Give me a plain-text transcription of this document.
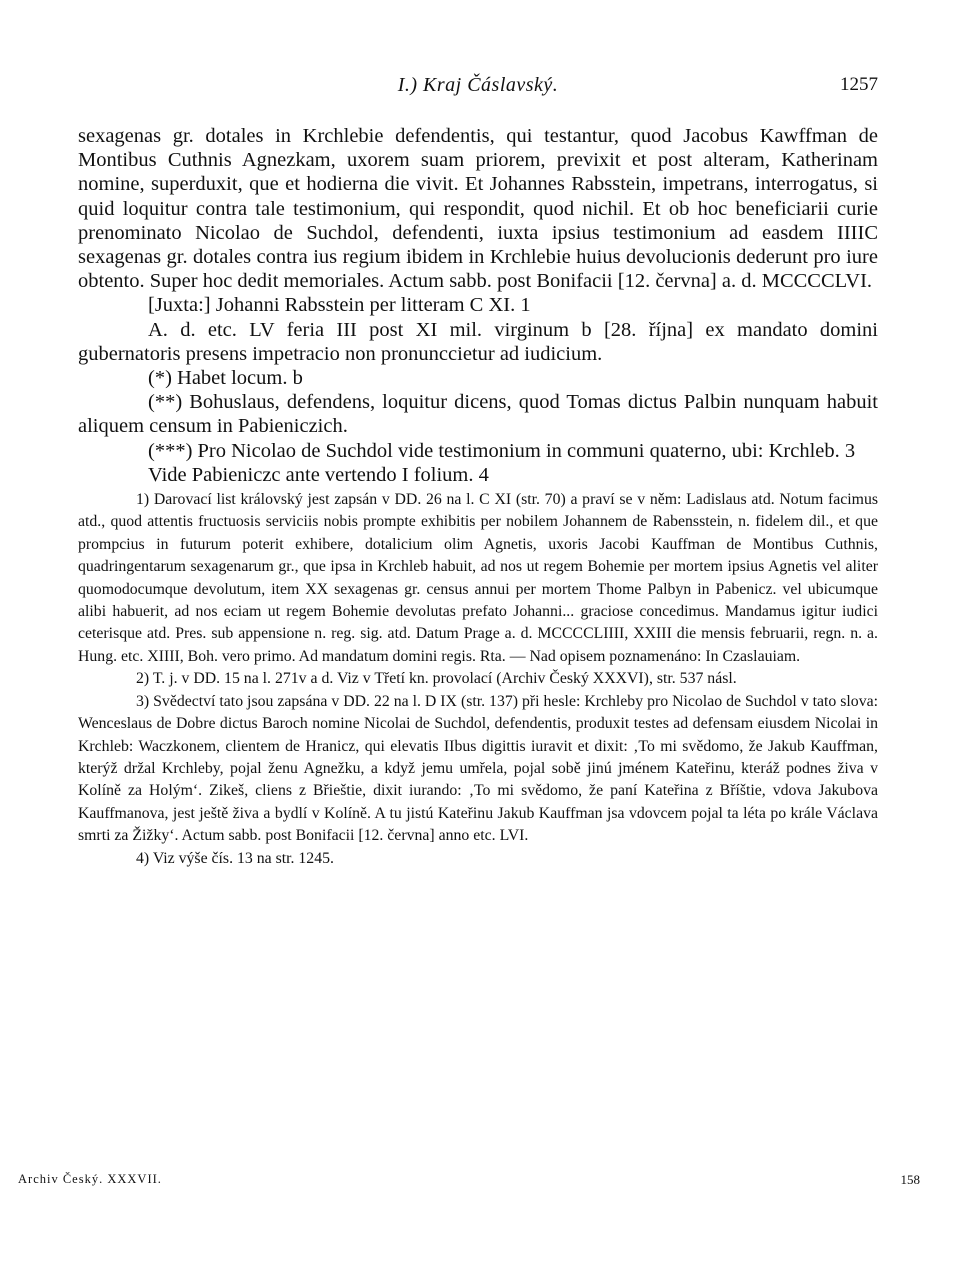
I.) Kraj Čáslavský.	1257

sexagenas gr. dotales in Krchlebie defendentis, qui testantur, quod Jacobus Kawffman de Montibus Cuthnis Agnezkam, uxorem suam priorem, previxit et post alteram, Katherinam nomine, superduxit, que et hodierna die vivit. Et Johannes Rabsstein, impetrans, interrogatus, si quid loquitur contra tale testimonium, qui respondit, quod nichil. Et ob hoc beneficiarii curie prenominato Nicolao de Suchdol, defendenti, iuxta ipsius testimonium ad easdem IIIIC sexagenas gr. dotales contra ius regium ibidem in Krchlebie huius devolucionis dederunt pro iure obtento. Super hoc dedit memoriales. Actum sabb. post Bonifacii [12. června] a. d. MCCCCLVI.

[Juxta:] Johanni Rabsstein per litteram C XI. 1

A. d. etc. LV feria III post XI mil. virginum b [28. října] ex mandato domini gubernatoris presens impetracio non pronunccietur ad iudicium.

(*) Habet locum. b

(**) Bohuslaus, defendens, loquitur dicens, quod Tomas dictus Palbin nunquam habuit aliquem censum in Pabieniczich.

(***) Pro Nicolao de Suchdol vide testimonium in communi quaterno, ubi: Krchleb. 3

Vide Pabieniczc ante vertendo I folium. 4

1) Darovací list královský jest zapsán v DD. 26 na l. C XI (str. 70) a praví se v něm: Ladislaus atd. Notum facimus atd., quod attentis fructuosis serviciis nobis prompte exhibitis per nobilem Johannem de Rabensstein, n. fidelem dil., et que prompcius in futurum poterit exhibere, dotalicium olim Agnetis, uxoris Jacobi Kauffman de Montibus Cuthnis, quadringentarum sexagenarum gr., que ipsa in Krchleb habuit, ad nos ut regem Bohemie per mortem ipsius Agnetis vel aliter quomodocumque devolutum, item XX sexagenas gr. census annui per mortem Thome Palbyn in Pabenicz. vel ubicumque alibi habuerit, ad nos eciam ut regem Bohemie devolutas prefato Johanni... graciose concedimus. Mandamus igitur iudici ceterisque atd. Pres. sub appensione n. reg. sig. atd. Datum Prage a. d. MCCCCLIIII, XXIII die mensis februarii, regn. n. a. Hung. etc. XIIII, Boh. vero primo. Ad mandatum domini regis. Rta. — Nad opisem poznamenáno: In Czaslauiam.

2) T. j. v DD. 15 na l. 271v a d. Viz v Třetí kn. provolací (Archiv Český XXXVI), str. 537 násl.

3) Svědectví tato jsou zapsána v DD. 22 na l. D IX (str. 137) při hesle: Krchleby pro Nicolao de Suchdol v tato slova: Wenceslaus de Dobre dictus Baroch nomine Nicolai de Suchdol, defendentis, produxit testes ad defensam eiusdem Nicolai in Krchleb: Waczkonem, clientem de Hranicz, qui elevatis IIbus digittis iuravit et dixit: ‚To mi svědomo, že Jakub Kauffman, kterýž držal Krchleby, pojal ženu Agnežku, a když jemu umřela, pojal sobě jinú jménem Kateřinu, kteráž podnes živa v Kolíně za Holým‘. Zikeš, cliens z Břieštie, dixit iurando: ‚To mi svědomo, že paní Kateřina z Bříštie, vdova Jakubova Kauffmanova, jest ještě živa a bydlí v Kolíně. A tu jistú Kateřinu Jakub Kauffman jsa vdovcem pojal ta léta po krále Václava smrti za Žižky‘. Actum sabb. post Bonifacii [12. června] anno etc. LVI.

4) Viz výše čís. 13 na str. 1245.

Archiv Český. XXXVII.	158
